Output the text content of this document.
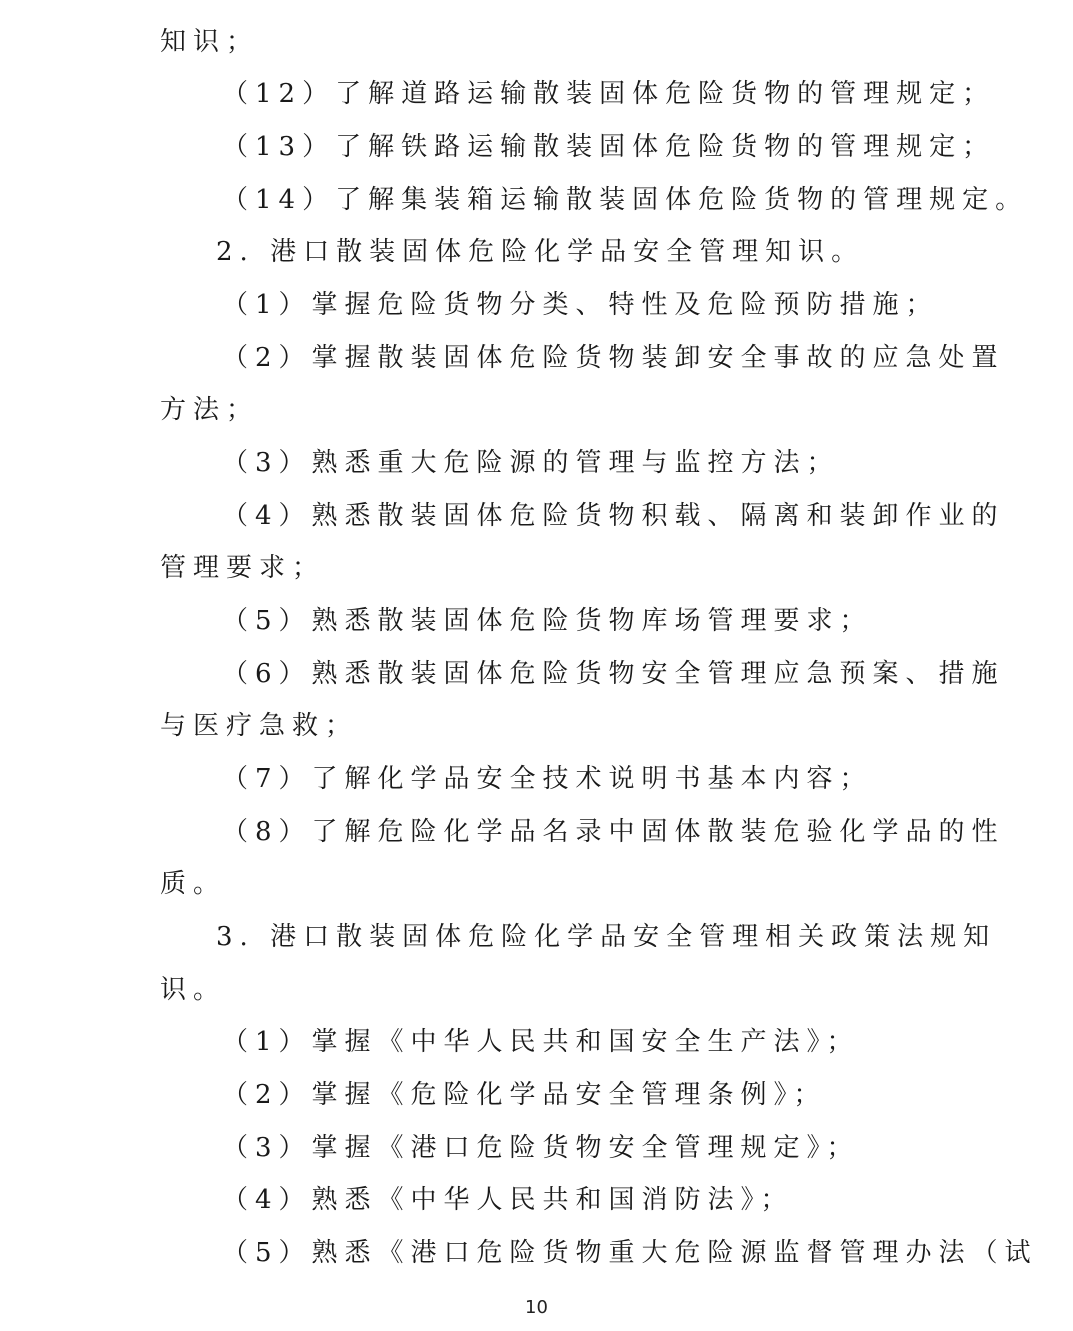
知识；
（12）了解道路运输散装固体危险货物的管理规定；
（13）了解铁路运输散装固体危险货物的管理规定；
（14）了解集装箱运输散装固体危险货物的管理规定。
2. 港口散装固体危险化学品安全管理知识。
（1）掌握危险货物分类、特性及危险预防措施；
（2）掌握散装固体危险货物装卸安全事故的应急处置
方法；
（3）熟悉重大危险源的管理与监控方法；
（4）熟悉散装固体危险货物积载、隔离和装卸作业的
管理要求；
（5）熟悉散装固体危险货物库场管理要求；
（6）熟悉散装固体危险货物安全管理应急预案、措施
与医疗急救；
（7）了解化学品安全技术说明书基本内容；
（8）了解危险化学品名录中固体散装危验化学品的性
质。
3. 港口散装固体危险化学品安全管理相关政策法规知
识。
（1）掌握《中华人民共和国安全生产法》；
（2）掌握《危险化学品安全管理条例》；
（3）掌握《港口危险货物安全管理规定》；
（4）熟悉《中华人民共和国消防法》；
（5）熟悉《港口危险货物重大危险源监督管理办法（试
10
